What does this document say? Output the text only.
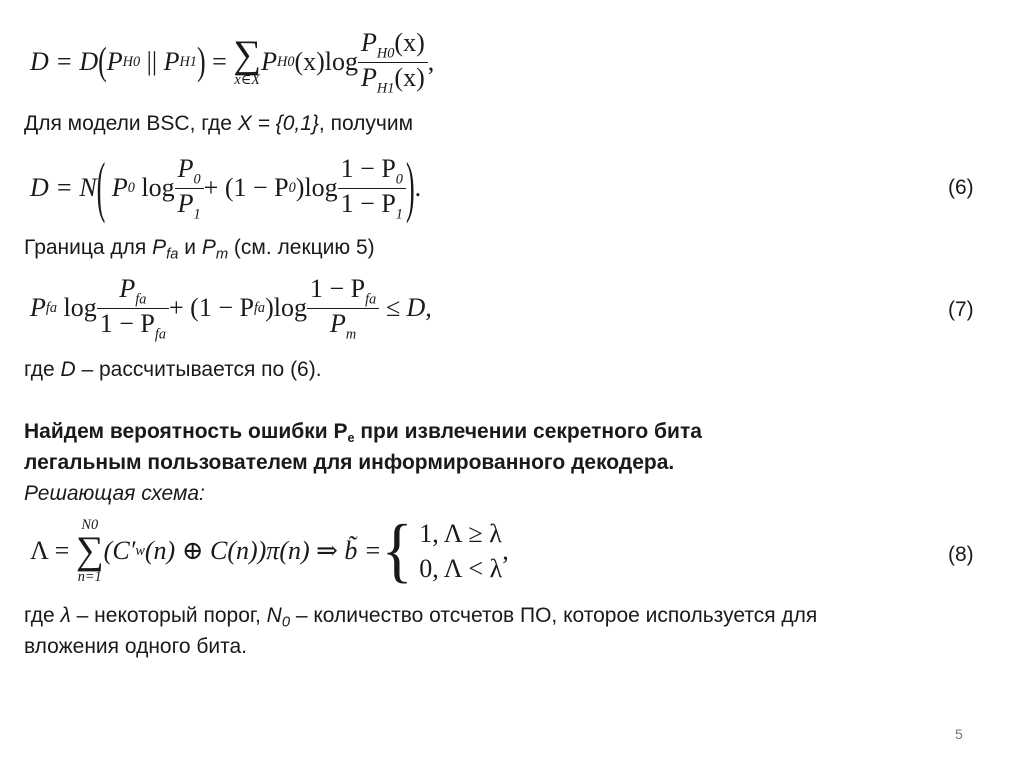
D = D ( P H0
||
P H1 )
=
∑
x∈X
P H0 $(x)\log \frac{P_{H0}(x)}{P_{H1}(x)}$ ,
Для модели BSC, где X = {0,1}, получим
D = N (
P 0
$\log \frac{P_0}{P_1} + (1 - P$ 0 )$\log \frac{1 - P_0}{1 - P_1}$ ) .	(6)
Граница для $P_{fa}$ и $P_m$ (см. лекцию 5)
P fa
$\log \frac{P_{fa}}{1 - P_{fa}} + (1 - P$ fa )$\log \frac{1 - P_{fa}}{P_m}$
≤ D,	(7)
где D – рассчитывается по (6).
Найдем вероятность ошибки Pe при извлечении секретного бита
легальным пользователем для информированного декодера.
Решающая схема:
Λ =

N0
∑
n=1
(C′ w (n) ⊕ C(n))π(n) ⇒ b̃ = { 1, Λ ≥ λ
0, Λ < λ
,	(8)
где λ – некоторый порог, $N_0$ – количество отсчетов ПО, которое используется для
вложения одного бита.
5
